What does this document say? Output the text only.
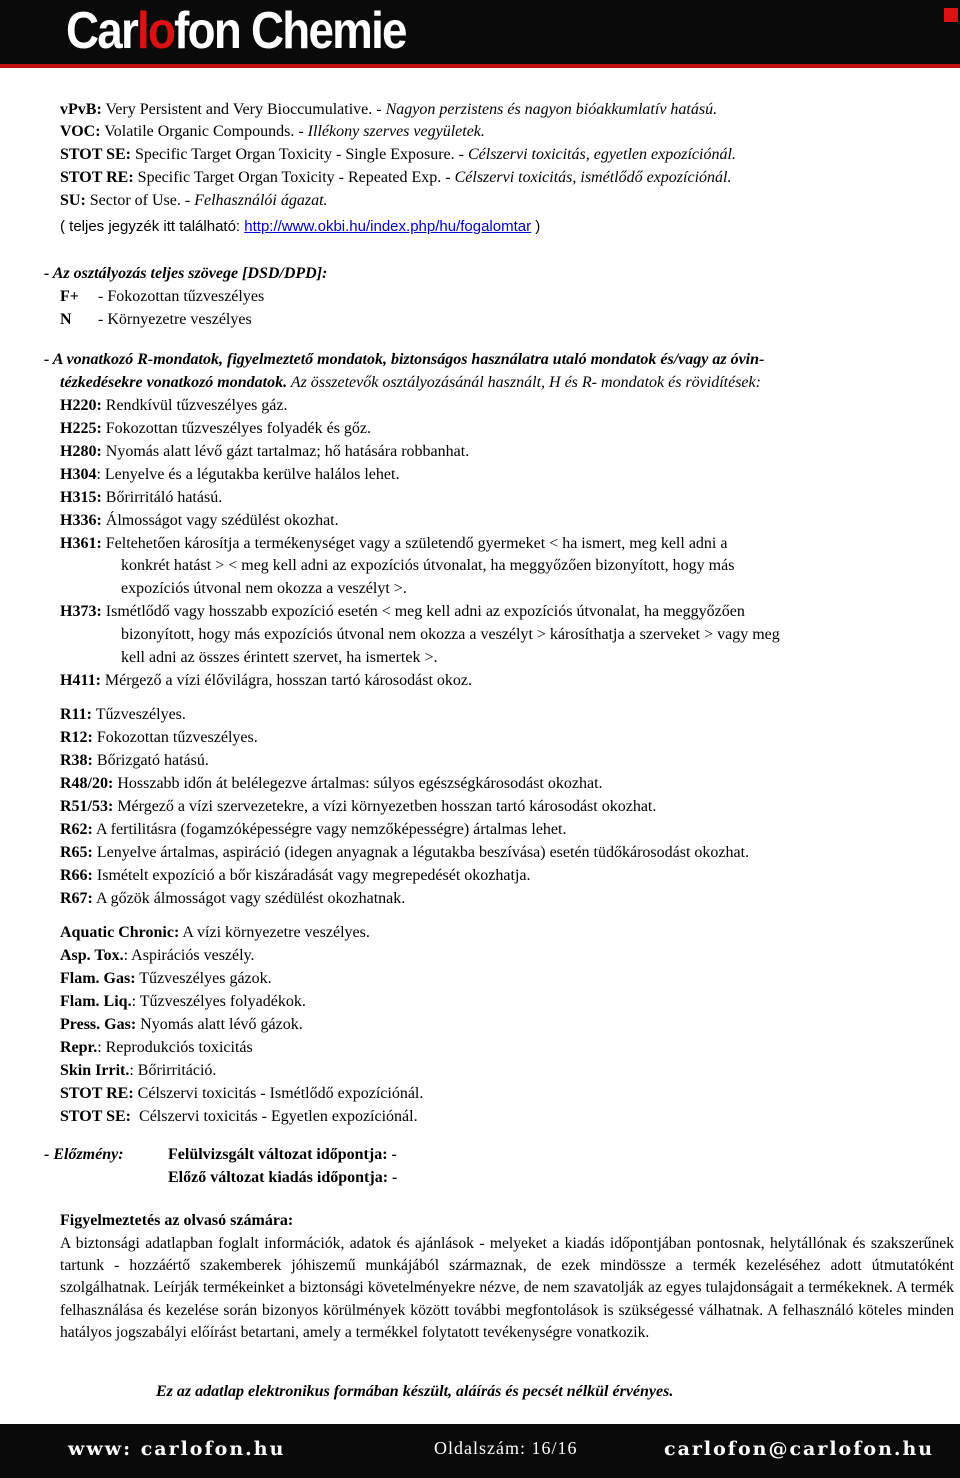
Carlofon Chemie
vPvB: Very Persistent and Very Bioccumulative. - Nagyon perzistens és nagyon bióakkumlatív hatású.
VOC: Volatile Organic Compounds. - Illékony szerves vegyületek.
STOT SE: Specific Target Organ Toxicity - Single Exposure. - Célszervi toxicitás, egyetlen expozíciónál.
STOT RE: Specific Target Organ Toxicity - Repeated Exp. - Célszervi toxicitás, ismétlődő expozíciónál.
SU: Sector of Use. - Felhasználói ágazat.
( teljes jegyzék itt található: http://www.okbi.hu/index.php/hu/fogalomtar )
- Az osztályozás teljes szövege [DSD/DPD]:
F+ - Fokozottan tűzveszélyes
N - Környezetre veszélyes
- A vonatkozó R-mondatok, figyelmeztető mondatok, biztonságos használatra utaló mondatok és/vagy az óvin-
tézkedésekre vonatkozó mondatok. Az összetevők osztályozásánál használt, H és R- mondatok és rövidítések:
H220: Rendkívül tűzveszélyes gáz.
H225: Fokozottan tűzveszélyes folyadék és gőz.
H280: Nyomás alatt lévő gázt tartalmaz; hő hatására robbanhat.
H304: Lenyelve és a légutakba kerülve halálos lehet.
H315: Bőrirritáló hatású.
H336: Álmosságot vagy szédülést okozhat.
H361: Feltehetően károsítja a termékenységet vagy a születendő gyermeket < ha ismert, meg kell adni a
konkrét hatást > < meg kell adni az expozíciós útvonalat, ha meggyőzően bizonyított, hogy más
expozíciós útvonal nem okozza a veszélyt >.
H373: Ismétlődő vagy hosszabb expozíció esetén < meg kell adni az expozíciós útvonalat, ha meggyőzően
bizonyított, hogy más expozíciós útvonal nem okozza a veszélyt > károsíthatja a szerveket > vagy meg
kell adni az összes érintett szervet, ha ismertek >.
H411: Mérgező a vízi élővilágra, hosszan tartó károsodást okoz.
R11: Tűzveszélyes.
R12: Fokozottan tűzveszélyes.
R38: Bőrizgató hatású.
R48/20: Hosszabb időn át belélegezve ártalmas: súlyos egészségkárosodást okozhat.
R51/53: Mérgező a vízi szervezetekre, a vízi környezetben hosszan tartó károsodást okozhat.
R62: A fertilitásra (fogamzóképességre vagy nemzőképességre) ártalmas lehet.
R65: Lenyelve ártalmas, aspiráció (idegen anyagnak a légutakba beszívása) esetén tüdőkárosodást okozhat.
R66: Ismételt expozíció a bőr kiszáradását vagy megrepedését okozhatja.
R67: A gőzök álmosságot vagy szédülést okozhatnak.
Aquatic Chronic: A vízi környezetre veszélyes.
Asp. Tox.: Aspirációs veszély.
Flam. Gas: Tűzveszélyes gázok.
Flam. Liq.: Tűzveszélyes folyadékok.
Press. Gas: Nyomás alatt lévő gázok.
Repr.: Reprodukciós toxicitás
Skin Irrit.: Bőrirritáció.
STOT RE: Célszervi toxicitás - Ismétlődő expozíciónál.
STOT SE:  Célszervi toxicitás - Egyetlen expozíciónál.
- Előzmény:	Felülvizsgált változat időpontja: -
Előző változat kiadás időpontja: -
Figyelmeztetés az olvasó számára:
A biztonsági adatlapban foglalt információk, adatok és ajánlások - melyeket a kiadás időpontjában pontosnak, helytállónak és szakszerűnek tartunk - hozzáértő szakemberek jóhiszemű munkájából származnak, de ezek mindössze a termék kezeléséhez adott útmutatóként szolgálhatnak. Leírják termékeinket a biztonsági követelményekre nézve, de nem szavatolják az egyes tulajdonságait a termékeknek. A termék felhasználása és kezelése során bizonyos körülmények között további megfontolások is szükségessé válhatnak. A felhasználó köteles minden hatályos jogszabályi előírást betartani, amely a termékkel folytatott tevékenységre vonatkozik.
Ez az adatlap elektronikus formában készült, aláírás és pecsét nélkül érvényes.
www: carlofon.hu	Oldalszám: 16/16	carlofon@carlofon.hu
